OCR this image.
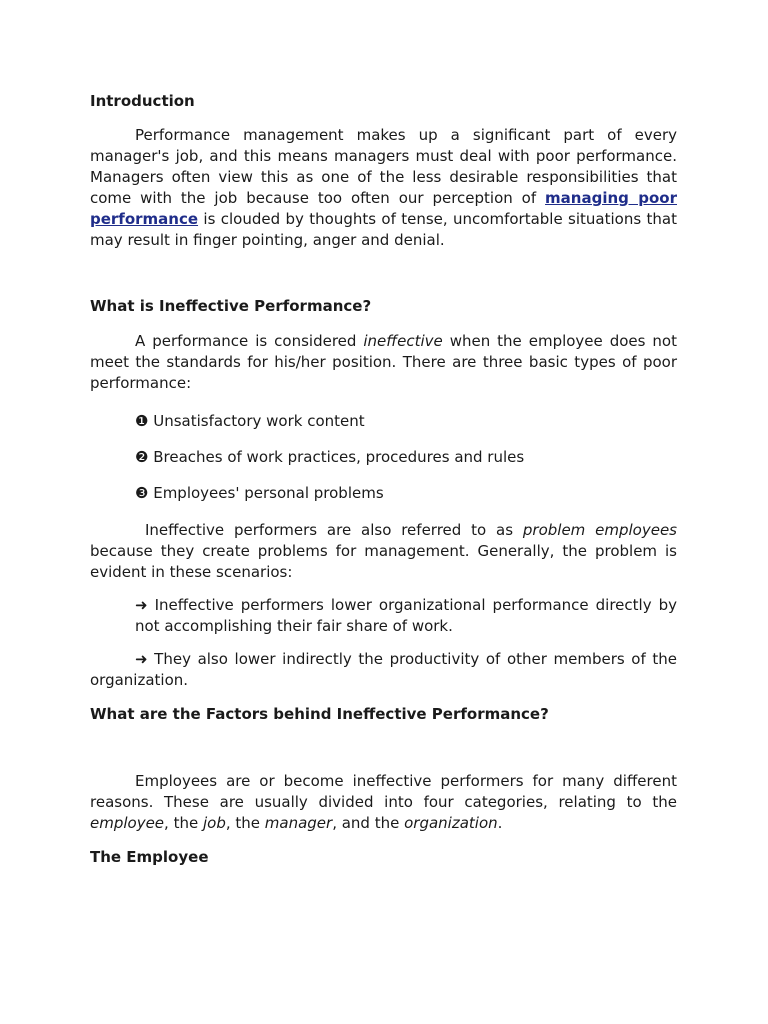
Introduction

Performance management makes up a significant part of every manager's job, and this means managers must deal with poor performance. Managers often view this as one of the less desirable responsibilities that come with the job because too often our perception of managing poor performance is clouded by thoughts of tense, uncomfortable situations that may result in finger pointing, anger and denial.

What is Ineffective Performance?

A performance is considered ineffective when the employee does not meet the standards for his/her position. There are three basic types of poor performance:

❶ Unsatisfactory work content
❷ Breaches of work practices, procedures and rules
❸ Employees' personal problems

Ineffective performers are also referred to as problem employees because they create problems for management. Generally, the problem is evident in these scenarios:

➜ Ineffective performers lower organizational performance directly by not accomplishing their fair share of work.
➜ They also lower indirectly the productivity of other members of the organization.
What are the Factors behind Ineffective Performance?

Employees are or become ineffective performers for many different reasons. These are usually divided into four categories, relating to the employee, the job, the manager, and the organization.

The Employee
